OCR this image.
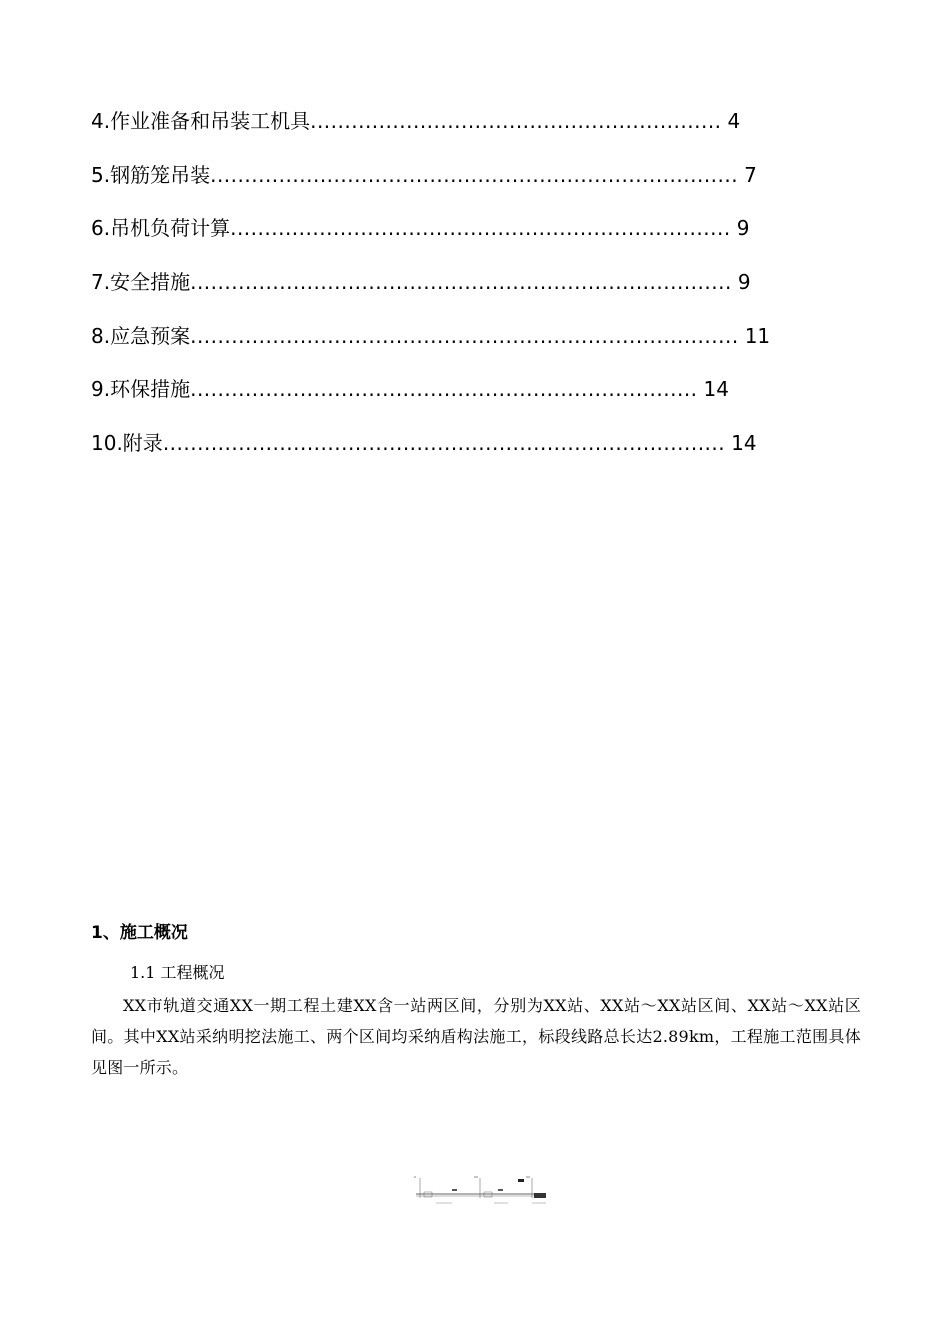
4.作业准备和吊装工机具 ............................................................ 4
5.钢筋笼吊装 ............................................................................. 7
6.吊机负荷计算 ......................................................................... 9
7.安全措施 ............................................................................... 9
8.应急预案 ................................................................................ 11
9.环保措施 .......................................................................... 14
10.附录 .................................................................................. 14
1、施工概况
1.1 工程概况

XX市轨道交通XX一期工程土建XX含一站两区间，分别为XX站、XX站～XX站区间、XX站～XX站区间。其中XX站采纳明挖法施工、两个区间均采纳盾构法施工，标段线路总长达2.89km，工程施工范围具体见图一所示。

X	XX	XX
